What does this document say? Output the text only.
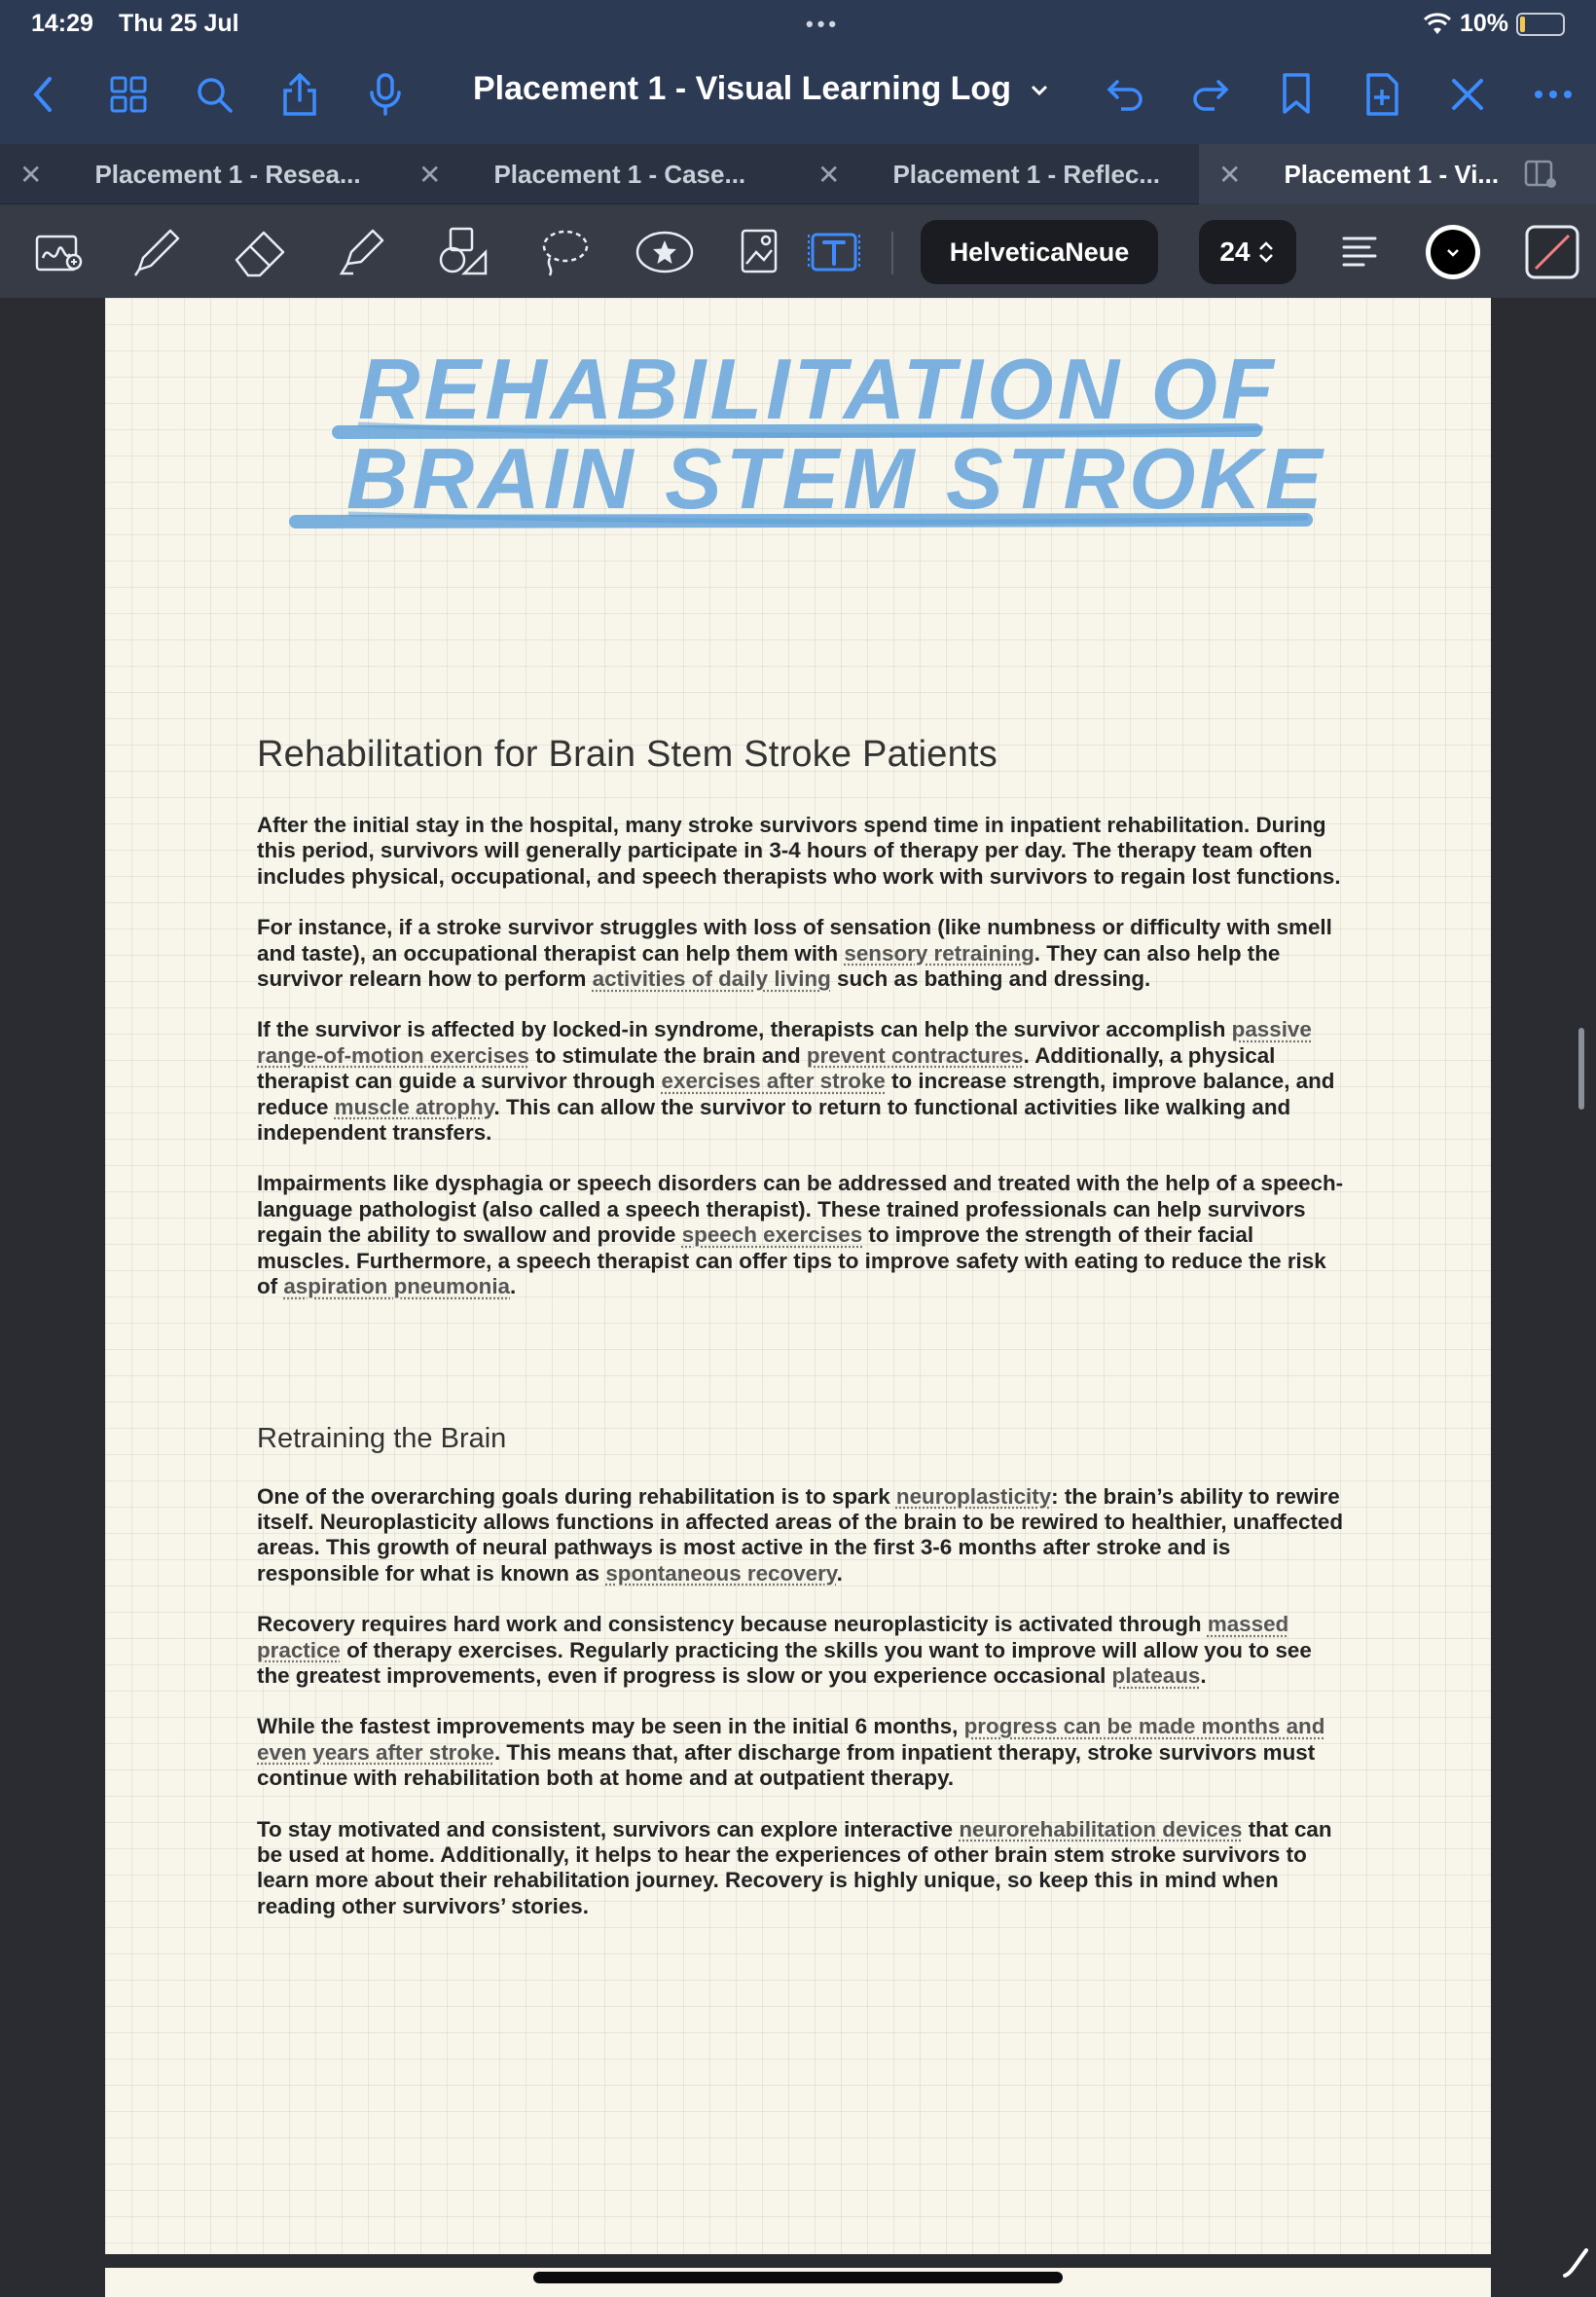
14:29 Thu 25 Jul	•••	10%
Placement 1 - Visual Learning Log
✕ Placement 1 - Resea... ✕ Placement 1 - Case...	✕ Placement 1 - Reflec... ✕ Placement 1 - Vi...
HelveticaNeue	24
REHABILITATION OF
BRAIN STEM STROKE
Rehabilitation for Brain Stem Stroke Patients

After the initial stay in the hospital, many stroke survivors spend time in inpatient rehabilitation. During this period, survivors will generally participate in 3-4 hours of therapy per day. The therapy team often includes physical, occupational, and speech therapists who work with survivors to regain lost functions.

For instance, if a stroke survivor struggles with loss of sensation (like numbness or difficulty with smell and taste), an occupational therapist can help them with sensory retraining. They can also help the survivor relearn how to perform activities of daily living such as bathing and dressing.

If the survivor is affected by locked-in syndrome, therapists can help the survivor accomplish passive range-of-motion exercises to stimulate the brain and prevent contractures. Additionally, a physical therapist can guide a survivor through exercises after stroke to increase strength, improve balance, and reduce muscle atrophy. This can allow the survivor to return to functional activities like walking and independent transfers.

Impairments like dysphagia or speech disorders can be addressed and treated with the help of a speech-language pathologist (also called a speech therapist). These trained professionals can help survivors regain the ability to swallow and provide speech exercises to improve the strength of their facial muscles. Furthermore, a speech therapist can offer tips to improve safety with eating to reduce the risk of aspiration pneumonia.

Retraining the Brain

One of the overarching goals during rehabilitation is to spark neuroplasticity: the brain’s ability to rewire itself. Neuroplasticity allows functions in affected areas of the brain to be rewired to healthier, unaffected areas. This growth of neural pathways is most active in the first 3-6 months after stroke and is responsible for what is known as spontaneous recovery.

Recovery requires hard work and consistency because neuroplasticity is activated through massed practice of therapy exercises. Regularly practicing the skills you want to improve will allow you to see the greatest improvements, even if progress is slow or you experience occasional plateaus.

While the fastest improvements may be seen in the initial 6 months, progress can be made months and even years after stroke. This means that, after discharge from inpatient therapy, stroke survivors must continue with rehabilitation both at home and at outpatient therapy.

To stay motivated and consistent, survivors can explore interactive neurorehabilitation devices that can be used at home. Additionally, it helps to hear the experiences of other brain stem stroke survivors to learn more about their rehabilitation journey. Recovery is highly unique, so keep this in mind when reading other survivors’ stories.
